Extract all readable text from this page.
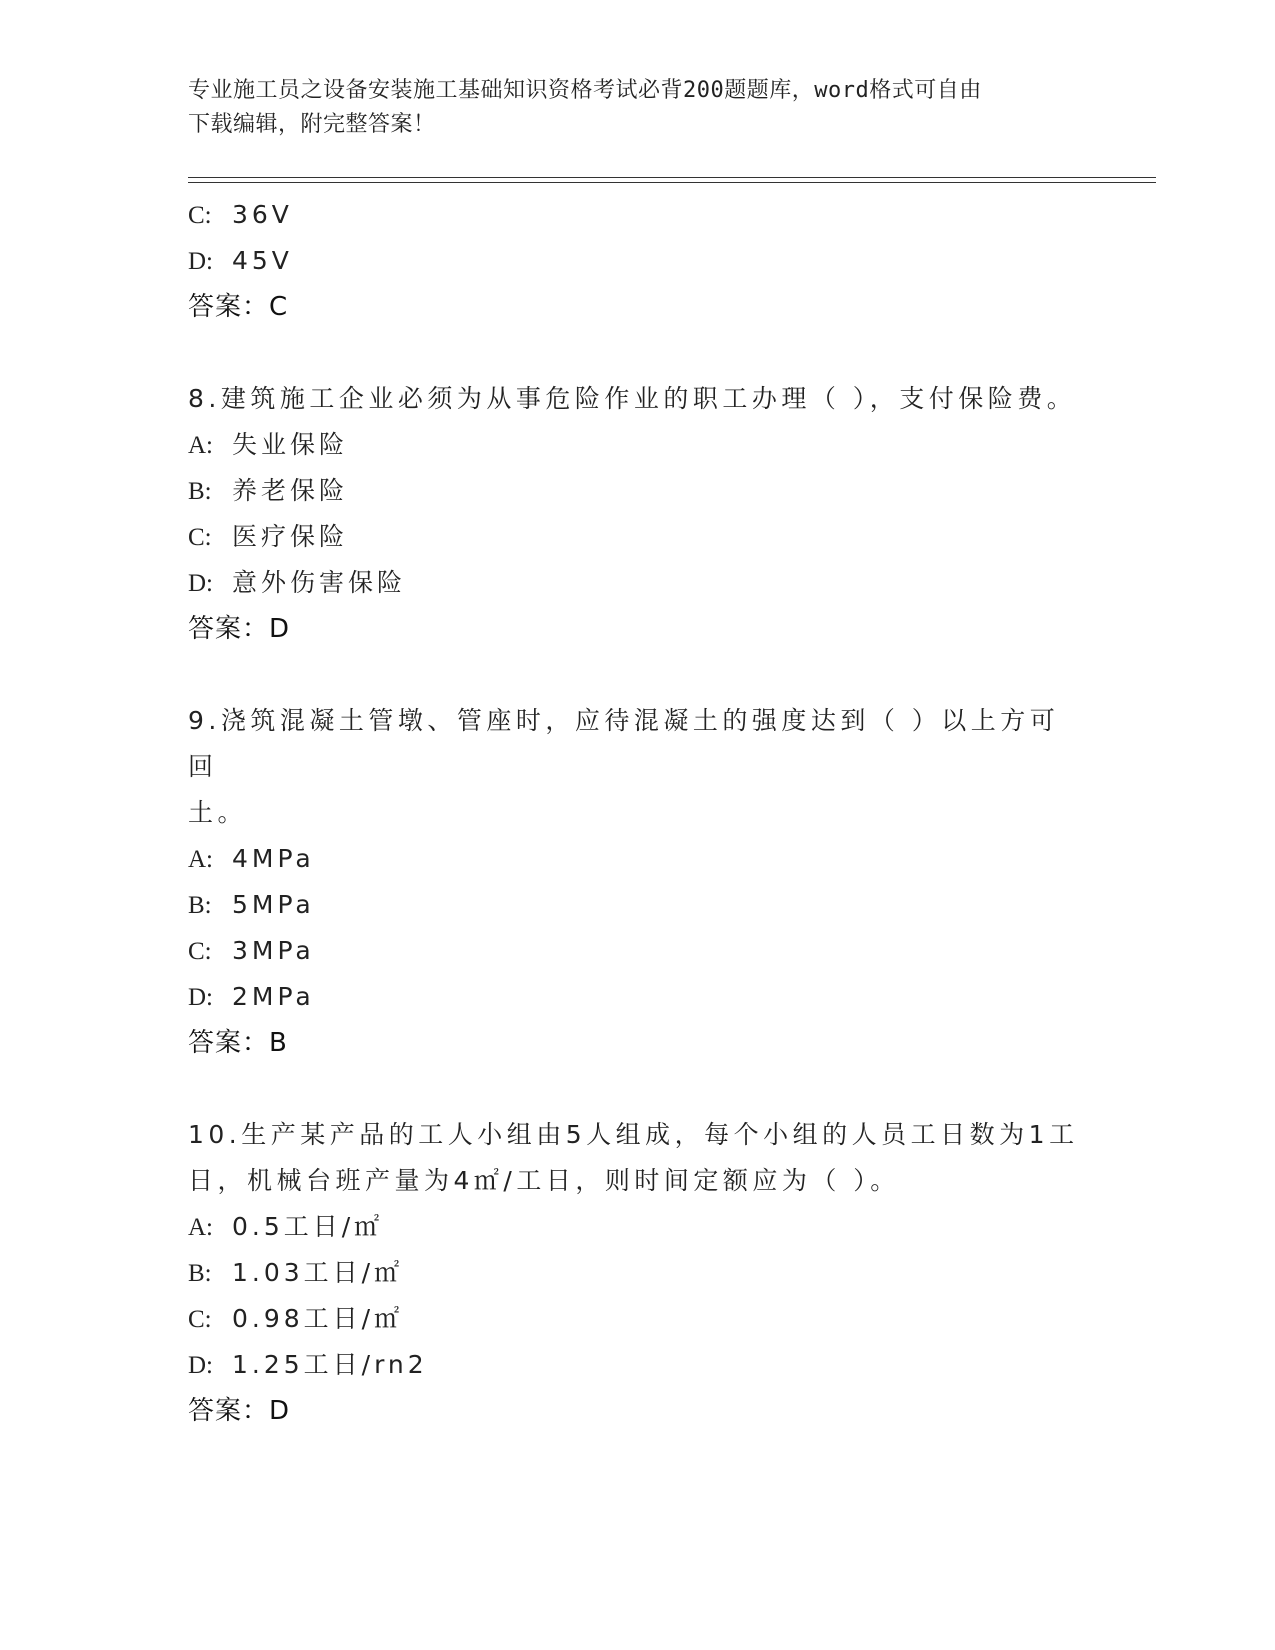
专业施工员之设备安装施工基础知识资格考试必背200题题库，word格式可自由
下载编辑，附完整答案！
C: 36V
D: 45V
答案：C
8.建筑施工企业必须为从事危险作业的职工办理（ ），支付保险费。
A: 失业保险
B: 养老保险
C: 医疗保险
D: 意外伤害保险
答案：D
9.浇筑混凝土管墩、管座时，应待混凝土的强度达到（ ）以上方可回
土。
A: 4MPa
B: 5MPa
C: 3MPa
D: 2MPa
答案：B
10.生产某产品的工人小组由5人组成，每个小组的人员工日数为1工
日，机械台班产量为4㎡/工日，则时间定额应为（ ）。
A: 0.5工日/㎡
B: 1.03工日/㎡
C: 0.98工日/㎡
D: 1.25工日/rn2
答案：D
